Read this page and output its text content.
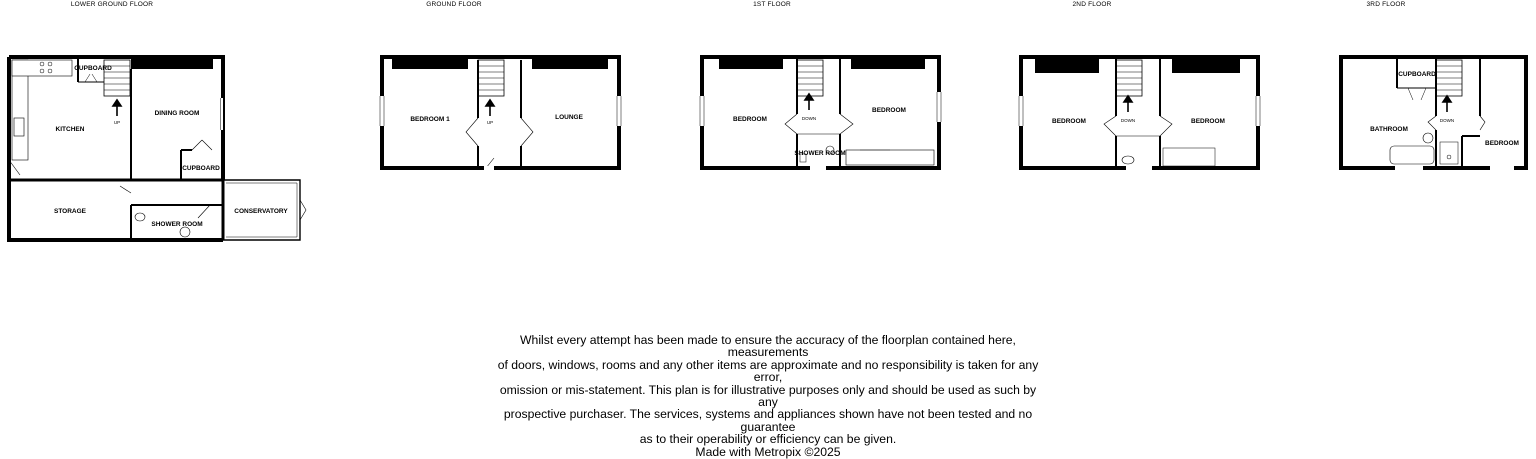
LOWER GROUND FLOOR	GROUND FLOOR	1ST FLOOR	2ND FLOOR	3RD FLOOR
UP
KITCHEN
CUPBOARD
DINING ROOM
CUPBOARD
STORAGE
SHOWER ROOM
CONSERVATORY
UP
BEDROOM 1	LOUNGE	DOWN
BEDROOM
BEDROOM
SHOWER ROOM
DOWN
BEDROOM	BEDROOM	DOWN
CUPBOARD
BATHROOM
BEDROOM

Whilst every attempt has been made to ensure the accuracy of the floorplan contained here, measurements

of doors, windows, rooms and any other items are approximate and no responsibility is taken for any error,

omission or mis-statement. This plan is for illustrative purposes only and should be used as such by any

prospective purchaser. The services, systems and appliances shown have not been tested and no guarantee

as to their operability or efficiency can be given.

Made with Metropix ©2025
